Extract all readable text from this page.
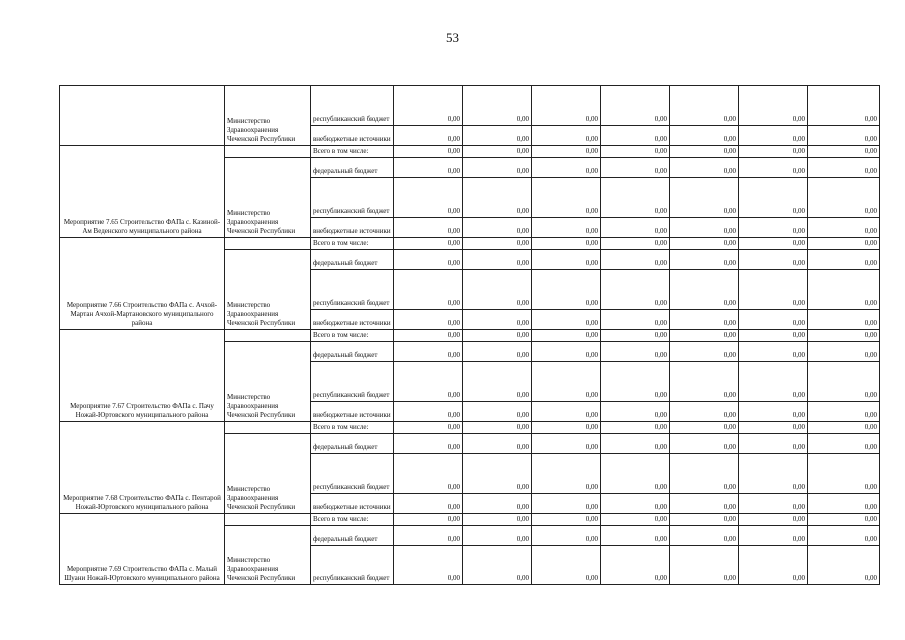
53
	Министерство Здравоохранения Чеченской Республики	республиканский бюджет	0,00	0,00	0,00	0,00	0,00	0,00	0,00
		внебюджетные источники	0,00	0,00	0,00	0,00	0,00	0,00	0,00
Мероприятие 7.65 Строительство ФАПа с. Казиной-Ам Веденского муниципального района		Всего в том числе:	0,00	0,00	0,00	0,00	0,00	0,00	0,00
	Министерство Здравоохранения Чеченской Республики	федеральный бюджет	0,00	0,00	0,00	0,00	0,00	0,00	0,00
		республиканский бюджет	0,00	0,00	0,00	0,00	0,00	0,00	0,00
		внебюджетные источники	0,00	0,00	0,00	0,00	0,00	0,00	0,00
Мероприятие 7.66 Строительство ФАПа с. Ачхой-Мартан Ачхой-Мартановского муниципального района		Всего в том числе:	0,00	0,00	0,00	0,00	0,00	0,00	0,00
	Министерство Здравоохранения Чеченской Республики	федеральный бюджет	0,00	0,00	0,00	0,00	0,00	0,00	0,00
		республиканский бюджет	0,00	0,00	0,00	0,00	0,00	0,00	0,00
		внебюджетные источники	0,00	0,00	0,00	0,00	0,00	0,00	0,00
Мероприятие 7.67 Строительство ФАПа с. Пачу Ножай-Юртовского муниципального района		Всего в том числе:	0,00	0,00	0,00	0,00	0,00	0,00	0,00
	Министерство Здравоохранения Чеченской Республики	федеральный бюджет	0,00	0,00	0,00	0,00	0,00	0,00	0,00
		республиканский бюджет	0,00	0,00	0,00	0,00	0,00	0,00	0,00
		внебюджетные источники	0,00	0,00	0,00	0,00	0,00	0,00	0,00
Мероприятие 7.68 Строительство ФАПа с. Пентарой Ножай-Юртовского муниципального района		Всего в том числе:	0,00	0,00	0,00	0,00	0,00	0,00	0,00
	Министерство Здравоохранения Чеченской Республики	федеральный бюджет	0,00	0,00	0,00	0,00	0,00	0,00	0,00
		республиканский бюджет	0,00	0,00	0,00	0,00	0,00	0,00	0,00
		внебюджетные источники	0,00	0,00	0,00	0,00	0,00	0,00	0,00
Мероприятие 7.69 Строительство ФАПа с. Малый Шуани Ножай-Юртовского муниципального района		Всего в том числе:	0,00	0,00	0,00	0,00	0,00	0,00	0,00
	Министерство Здравоохранения Чеченской Республики	федеральный бюджет	0,00	0,00	0,00	0,00	0,00	0,00	0,00
		республиканский бюджет	0,00	0,00	0,00	0,00	0,00	0,00	0,00
